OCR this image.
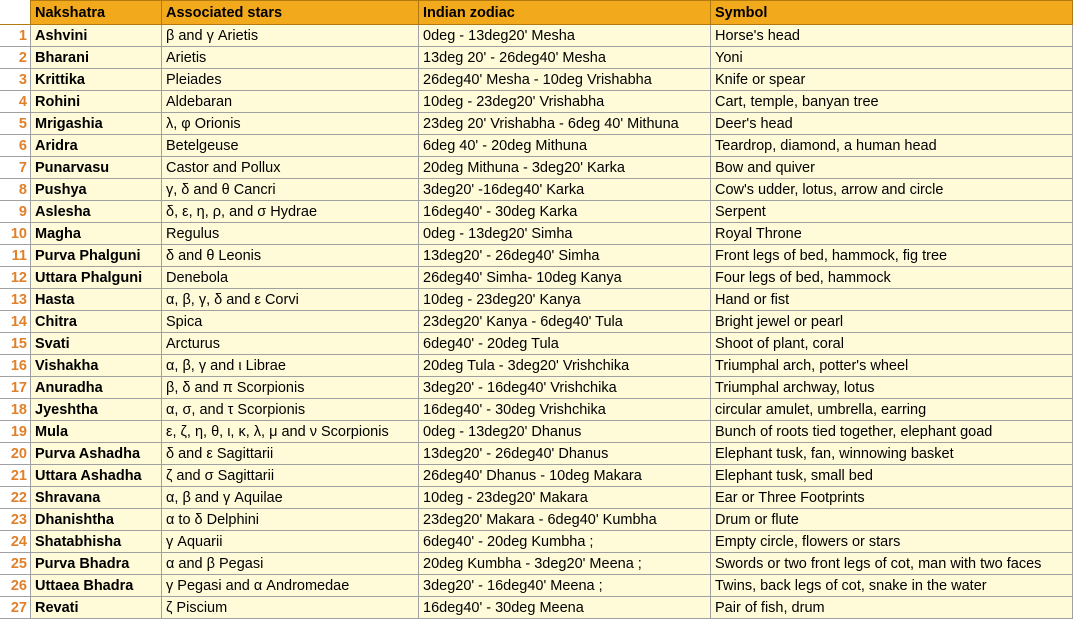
	Nakshatra	Associated stars	Indian zodiac	Symbol
1	Ashvini	β and γ Arietis	0deg - 13deg20' Mesha	Horse's head
2	Bharani	Arietis	13deg 20' - 26deg40' Mesha	Yoni
3	Krittika	Pleiades	26deg40' Mesha - 10deg Vrishabha	Knife or spear
4	Rohini	Aldebaran	10deg - 23deg20' Vrishabha	Cart, temple, banyan tree
5	Mrigashia	λ, φ Orionis	23deg 20' Vrishabha - 6deg 40' Mithuna	Deer's head
6	Aridra	Betelgeuse	6deg 40' - 20deg Mithuna	Teardrop, diamond, a human head
7	Punarvasu	Castor and Pollux	20deg Mithuna - 3deg20' Karka	Bow and quiver
8	Pushya	γ, δ and θ Cancri	3deg20' -16deg40' Karka	Cow's udder, lotus, arrow and circle
9	Aslesha	δ, ε, η, ρ, and σ Hydrae	16deg40' - 30deg Karka	Serpent
10	Magha	Regulus	0deg - 13deg20' Simha	Royal Throne
11	Purva Phalguni	δ and θ Leonis	13deg20' - 26deg40' Simha	Front legs of bed, hammock, fig tree
12	Uttara Phalguni	Denebola	26deg40' Simha- 10deg Kanya	Four legs of bed, hammock
13	Hasta	α, β, γ, δ and ε Corvi	10deg - 23deg20' Kanya	Hand or fist
14	Chitra	Spica	23deg20' Kanya - 6deg40' Tula	Bright jewel or pearl
15	Svati	Arcturus	6deg40' - 20deg Tula	Shoot of plant, coral
16	Vishakha	α, β, γ and ι Librae	20deg Tula - 3deg20' Vrishchika	Triumphal arch, potter's wheel
17	Anuradha	β, δ and π Scorpionis	3deg20' - 16deg40' Vrishchika	Triumphal archway, lotus
18	Jyeshtha	α, σ, and τ Scorpionis	16deg40' - 30deg Vrishchika	circular amulet, umbrella, earring
19	Mula	ε, ζ, η, θ, ι, κ, λ, μ and ν Scorpionis	0deg - 13deg20' Dhanus	Bunch of roots tied together, elephant goad
20	Purva Ashadha	δ and ε Sagittarii	13deg20' - 26deg40' Dhanus	Elephant tusk, fan, winnowing basket
21	Uttara Ashadha	ζ and σ Sagittarii	26deg40' Dhanus - 10deg Makara	Elephant tusk, small bed
22	Shravana	α, β and γ Aquilae	10deg - 23deg20' Makara	Ear or Three Footprints
23	Dhanishtha	α to δ Delphini	23deg20' Makara - 6deg40' Kumbha	Drum or flute
24	Shatabhisha	γ Aquarii	6deg40' - 20deg Kumbha ;	Empty circle, flowers or stars
25	Purva Bhadra	α and β Pegasi	20deg Kumbha - 3deg20' Meena ;	Swords or two front legs of cot, man with two faces
26	Uttaea Bhadra	γ Pegasi and α Andromedae	3deg20' - 16deg40' Meena ;	Twins, back legs of cot, snake in the water
27	Revati	ζ Piscium	16deg40' - 30deg Meena	Pair of fish, drum
